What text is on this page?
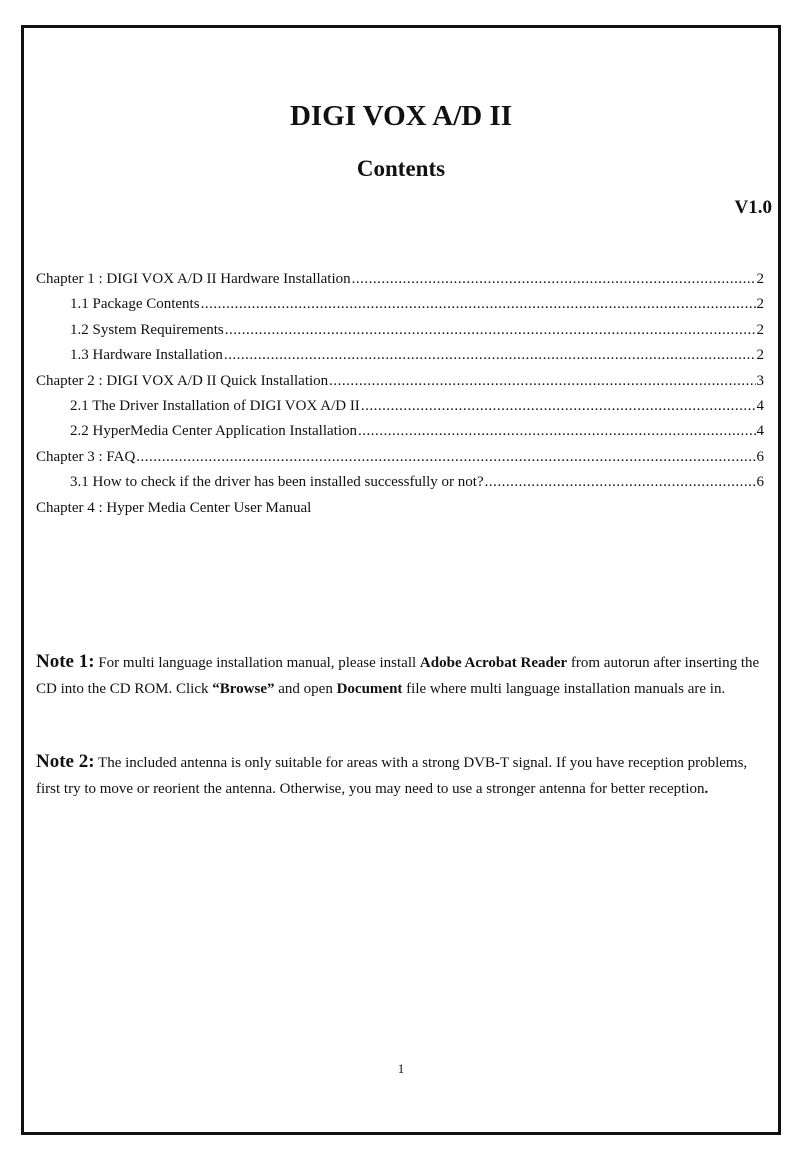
DIGI VOX A/D II
Contents
V1.0
Chapter 1 : DIGI VOX A/D II Hardware Installation .....	2
1.1 Package Contents .....	2
1.2 System Requirements .....	2
1.3 Hardware Installation .....	2
Chapter 2 : DIGI VOX A/D II Quick Installation .....	3
2.1 The Driver Installation of DIGI VOX A/D II .....	4
2.2 HyperMedia Center Application Installation .....	4
Chapter 3 : FAQ .....	6
3.1 How to check if the driver has been installed successfully or not? .....	6
Chapter 4 : Hyper Media Center User Manual

Note 1: For multi language installation manual, please install Adobe Acrobat Reader from autorun after inserting the CD into the CD ROM. Click “Browse” and open Document file where multi language installation manuals are in.

Note 2: The included antenna is only suitable for areas with a strong DVB-T signal. If you have reception problems, first try to move or reorient the antenna. Otherwise, you may need to use a stronger antenna for better reception.

1
